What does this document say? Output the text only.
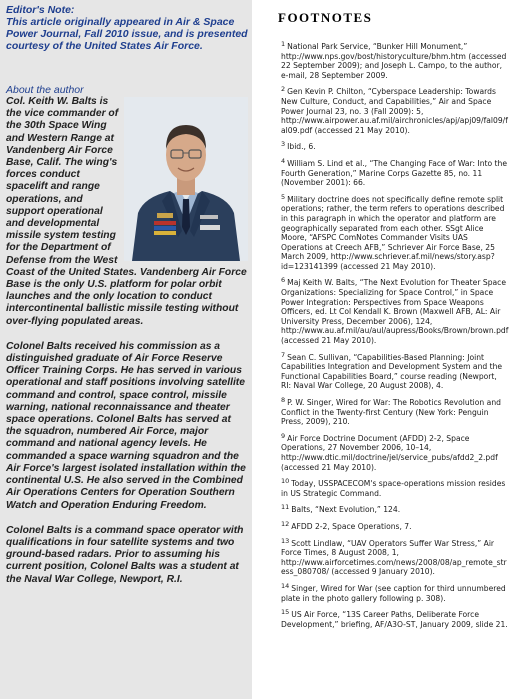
Editor's Note:

This article originally appeared in Air & Space Power Journal, Fall 2010 issue, and is presented courtesy of the United States Air Force.

About the author

Col. Keith W. Balts is the vice commander of the 30th Space Wing and Western Range at Vandenberg Air Force Base, Calif. The wing's forces conduct spacelift and range operations, and support operational and developmental missile system testing for the Department of Defense from the West Coast of the United States. Vandenberg Air Force Base is the only U.S. platform for polar orbit launches and the only location to conduct intercontinental ballistic missile testing without over-flying populated areas.

Colonel Balts received his commission as a distinguished graduate of Air Force Reserve Officer Training Corps. He has served in various operational and staff positions involving satellite command and control, space control, missile warning, national reconnaissance and theater space operations. Colonel Balts has served at the squadron, numbered Air Force, major command and national agency levels. He commanded a space warning squadron and the Air Force's largest isolated installation within the continental U.S. He also served in the Combined Air Operations Centers for Operation Southern Watch and Operation Enduring Freedom.

Colonel Balts is a command space operator with qualifications in four satellite systems and two ground-based radars. Prior to assuming his current position, Colonel Balts was a student at the Naval War College, Newport, R.I.

FOOTNOTES

1 National Park Service, “Bunker Hill Monument,” http://www.nps.gov/bost/historyculture/bhm.htm (accessed 22 September 2009); and Joseph L. Campo, to the author, e-mail, 28 September 2009.

2 Gen Kevin P. Chilton, “Cyberspace Leadership: Towards New Culture, Conduct, and Capabilities,” Air and Space Power Journal 23, no. 3 (Fall 2009): 5, http://www.airpower.au.af.mil/airchronicles/apj/apj09/fal09/fal09.pdf (accessed 21 May 2010).

3 Ibid., 6.

4 William S. Lind et al., “The Changing Face of War: Into the Fourth Generation,” Marine Corps Gazette 85, no. 11 (November 2001): 66.

5 Military doctrine does not specifically define remote split operations; rather, the term refers to operations described in this paragraph in which the operator and platform are geographically separated from each other. SSgt Alice Moore, “AFSPC ComNotes Commander Visits UAS Operations at Creech AFB,” Schriever Air Force Base, 25 March 2009, http://www.schriever.af.mil/news/story.asp?id=123141399 (accessed 21 May 2010).

6 Maj Keith W. Balts, “The Next Evolution for Theater Space Organizations: Specializing for Space Control,” in Space Power Integration: Perspectives from Space Weapons Officers, ed. Lt Col Kendall K. Brown (Maxwell AFB, AL: Air University Press, December 2006), 124, http://www.au.af.mil/au/aul/aupress/Books/Brown/brown.pdf (accessed 21 May 2010).

7 Sean C. Sullivan, “Capabilities-Based Planning: Joint Capabilities Integration and Development System and the Functional Capabilities Board,” course reading (Newport, RI: Naval War College, 20 August 2008), 4.

8 P. W. Singer, Wired for War: The Robotics Revolution and Conflict in the Twenty-first Century (New York: Penguin Press, 2009), 210.

9 Air Force Doctrine Document (AFDD) 2-2, Space Operations, 27 November 2006, 10–14, http://www.dtic.mil/doctrine/jel/service_pubs/afdd2_2.pdf (accessed 21 May 2010).

10 Today, USSPACECOM's space-operations mission resides in US Strategic Command.

11 Balts, “Next Evolution,” 124.

12 AFDD 2-2, Space Operations, 7.

13 Scott Lindlaw, “UAV Operators Suffer War Stress,” Air Force Times, 8 August 2008, 1, http://www.airforcetimes.com/news/2008/08/ap_remote_stress_080708/ (accessed 9 January 2010).

14 Singer, Wired for War (see caption for third unnumbered plate in the photo gallery following p. 308).

15 US Air Force, “13S Career Paths, Deliberate Force Development,” briefing, AF/A3O-ST, January 2009, slide 21.
